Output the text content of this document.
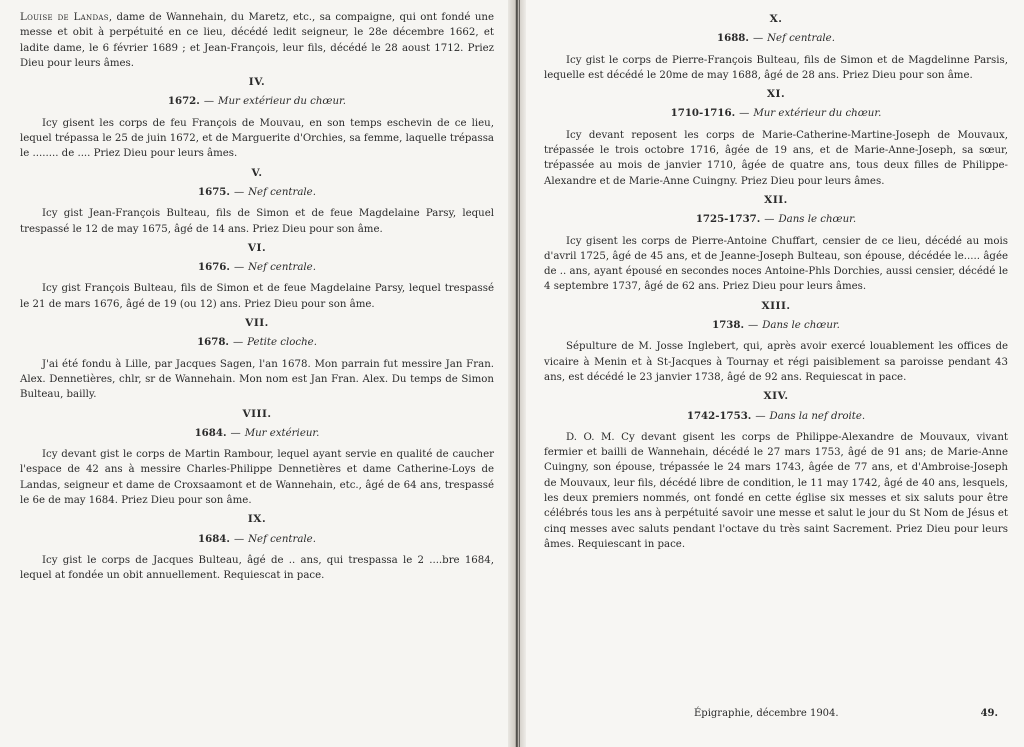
Louise de Landas, dame de Wannehain, du Maretz, etc., sa compaigne, qui ont fondé une messe et obit à perpétuité en ce lieu, décédé ledit seigneur, le 28e décembre 1662, et ladite dame, le 6 février 1689 ; et Jean-François, leur fils, décédé le 28 aoust 1712. Priez Dieu pour leurs âmes.

IV.
1672. — Mur extérieur du chœur.

Icy gisent les corps de feu François de Mouvau, en son temps eschevin de ce lieu, lequel trépassa le 25 de juin 1672, et de Marguerite d'Orchies, sa femme, laquelle trépassa le ........ de .... Priez Dieu pour leurs âmes.

V.
1675. — Nef centrale.

Icy gist Jean-François Bulteau, fils de Simon et de feue Magdelaine Parsy, lequel trespassé le 12 de may 1675, âgé de 14 ans. Priez Dieu pour son âme.

VI.
1676. — Nef centrale.

Icy gist François Bulteau, fils de Simon et de feue Magdelaine Parsy, lequel trespassé le 21 de mars 1676, âgé de 19 (ou 12) ans. Priez Dieu pour son âme.

VII.
1678. — Petite cloche.

J'ai été fondu à Lille, par Jacques Sagen, l'an 1678. Mon parrain fut messire Jan Fran. Alex. Dennetières, chlr, sr de Wannehain. Mon nom est Jan Fran. Alex. Du temps de Simon Bulteau, bailly.

VIII.
1684. — Mur extérieur.

Icy devant gist le corps de Martin Rambour, lequel ayant servie en qualité de caucher l'espace de 42 ans à messire Charles-Philippe Dennetières et dame Catherine-Loys de Landas, seigneur et dame de Croxsaamont et de Wannehain, etc., âgé de 64 ans, trespassé le 6e de may 1684. Priez Dieu pour son âme.

IX.
1684. — Nef centrale.

Icy gist le corps de Jacques Bulteau, âgé de .. ans, qui trespassa le 2 ....bre 1684, lequel at fondée un obit annuellement. Requiescat in pace.

X.
1688. — Nef centrale.

Icy gist le corps de Pierre-François Bulteau, fils de Simon et de Magdelinne Parsis, lequelle est décédé le 20me de may 1688, âgé de 28 ans. Priez Dieu pour son âme.

XI.
1710-1716. — Mur extérieur du chœur.

Icy devant reposent les corps de Marie-Catherine-Martine-Joseph de Mouvaux, trépassée le trois octobre 1716, âgée de 19 ans, et de Marie-Anne-Joseph, sa sœur, trépassée au mois de janvier 1710, âgée de quatre ans, tous deux filles de Philippe-Alexandre et de Marie-Anne Cuingny. Priez Dieu pour leurs âmes.

XII.
1725-1737. — Dans le chœur.

Icy gisent les corps de Pierre-Antoine Chuffart, censier de ce lieu, décédé au mois d'avril 1725, âgé de 45 ans, et de Jeanne-Joseph Bulteau, son épouse, décédée le..... âgée de .. ans, ayant épousé en secondes noces Antoine-Phls Dorchies, aussi censier, décédé le 4 septembre 1737, âgé de 62 ans. Priez Dieu pour leurs âmes.

XIII.
1738. — Dans le chœur.

Sépulture de M. Josse Inglebert, qui, après avoir exercé louablement les offices de vicaire à Menin et à St-Jacques à Tournay et régi paisiblement sa paroisse pendant 43 ans, est décédé le 23 janvier 1738, âgé de 92 ans. Requiescat in pace.

XIV.
1742-1753. — Dans la nef droite.

D. O. M. Cy devant gisent les corps de Philippe-Alexandre de Mouvaux, vivant fermier et bailli de Wannehain, décédé le 27 mars 1753, âgé de 91 ans; de Marie-Anne Cuingny, son épouse, trépassée le 24 mars 1743, âgée de 77 ans, et d'Ambroise-Joseph de Mouvaux, leur fils, décédé libre de condition, le 11 may 1742, âgé de 40 ans, lesquels, les deux premiers nommés, ont fondé en cette église six messes et six saluts pour être célébrés tous les ans à perpétuité savoir une messe et salut le jour du St Nom de Jésus et cinq messes avec saluts pendant l'octave du très saint Sacrement. Priez Dieu pour leurs âmes. Requiescant in pace.

Épigraphie, décembre 1904.	49.
